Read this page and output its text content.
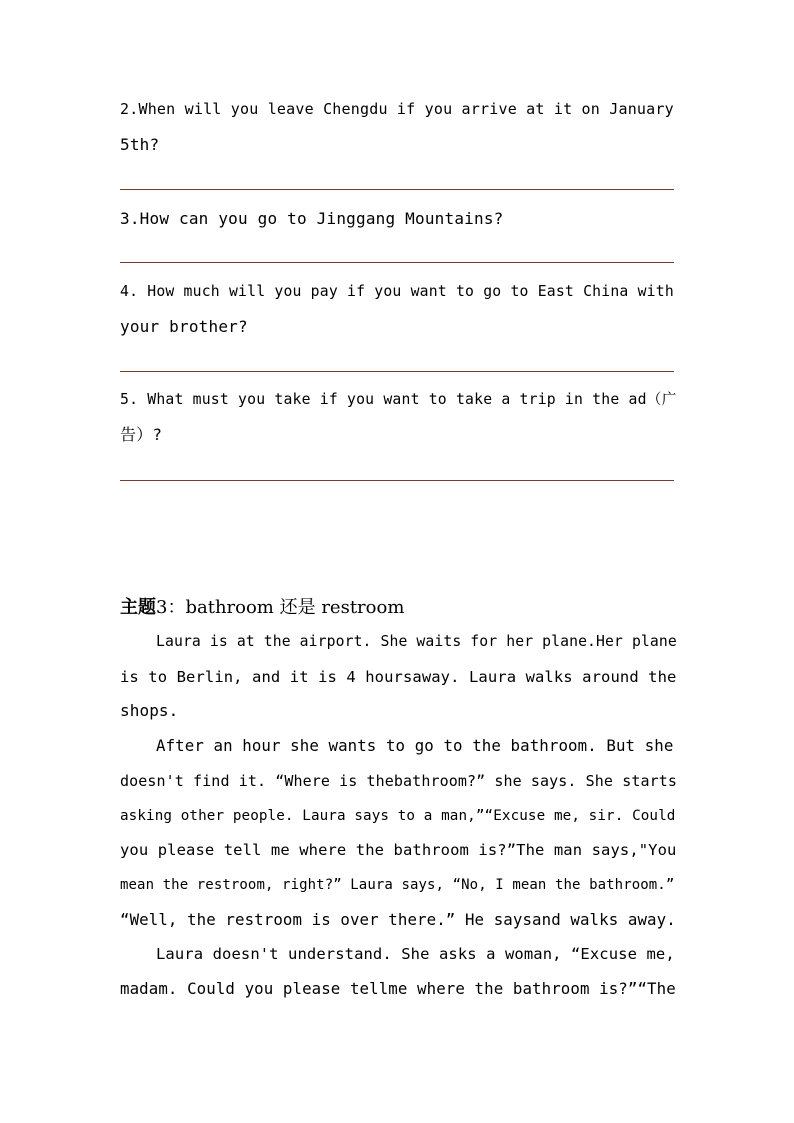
2.When will you leave Chengdu if you arrive at it on January
5th?
3.How can you go to Jinggang Mountains?
4. How much will you pay if you want to go to East China with
your brother?
5. What must you take if you want to take a trip in the ad（广
告）?
主题3：bathroom 还是 restroom
Laura is at the airport. She waits for her plane.Her plane
is to Berlin, and it is 4 hoursaway. Laura walks around the
shops.
After an hour she wants to go to the bathroom. But she
doesn't find it. “Where is thebathroom?” she says. She starts
asking other people. Laura says to a man,”“Excuse me, sir. Could
you please tell me where the bathroom is?”The man says,"You
mean the restroom, right?” Laura says, “No, I mean the bathroom.”
“Well, the restroom is over there.” He saysand walks away.
Laura doesn't understand. She asks a woman, “Excuse me,
madam. Could you please tellme where the bathroom is?”“The
